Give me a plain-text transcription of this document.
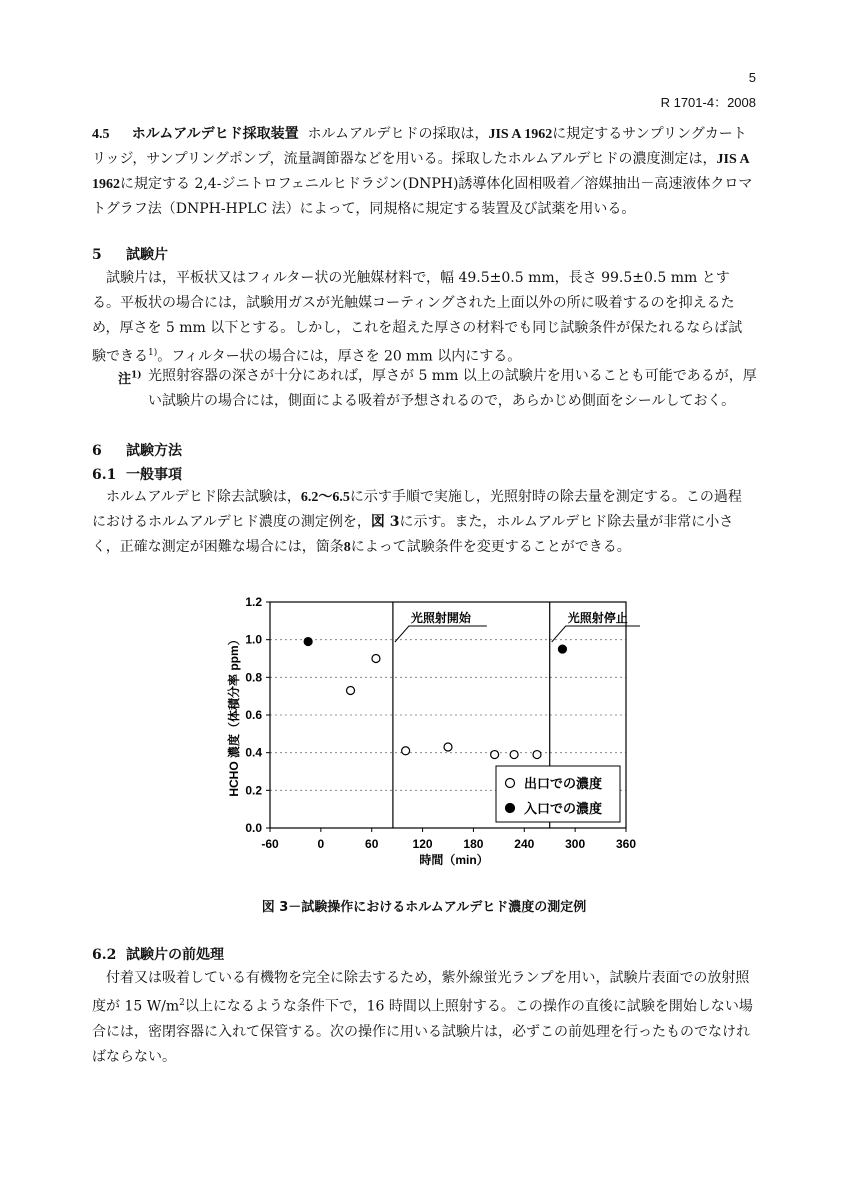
5
R 1701-4：2008

4.5 ホルムアルデヒド採取装置 ホルムアルデヒドの採取は，JIS A 1962に規定するサンプリングカートリッジ，サンプリングポンプ，流量調節器などを用いる。採取したホルムアルデヒドの濃度測定は，JIS A 1962に規定する 2,4-ジニトロフェニルヒドラジン(DNPH)誘導体化固相吸着／溶媒抽出－高速液体クロマトグラフ法（DNPH-HPLC 法）によって，同規格に規定する装置及び試薬を用いる。

5 試験片

試験片は，平板状又はフィルター状の光触媒材料で，幅 49.5±0.5 mm，長さ 99.5±0.5 mm とする。平板状の場合には，試験用ガスが光触媒コーティングされた上面以外の所に吸着するのを抑えるため，厚さを 5 mm 以下とする。しかし，これを超えた厚さの材料でも同じ試験条件が保たれるならば試験できる$^{1)}$。フィルター状の場合には，厚さを 20 mm 以内にする。

注$^{1)}$ 光照射容器の深さが十分にあれば，厚さが 5 mm 以上の試験片を用いることも可能であるが，厚い試験片の場合には，側面による吸着が予想されるので，あらかじめ側面をシールしておく。

6 試験方法

6.1 一般事項

ホルムアルデヒド除去試験は，6.2～6.5に示す手順で実施し，光照射時の除去量を測定する。この過程におけるホルムアルデヒド濃度の測定例を，図 3に示す。また，ホルムアルデヒド除去量が非常に小さく，正確な測定が困難な場合には，箇条8によって試験条件を変更することができる。

0.0
0.2
0.4
0.6
0.8
1.0
1.2
-60	0	60	120	180	240	300	360
時間（min）
HCHO 濃度（体積分率 ppm）
光照射開始	光照射停止
出口での濃度
入口での濃度
図 3－試験操作におけるホルムアルデヒド濃度の測定例

6.2 試験片の前処理

付着又は吸着している有機物を完全に除去するため，紫外線蛍光ランプを用い，試験片表面での放射照度が 15 $W/m^2$以上になるような条件下で，16 時間以上照射する。この操作の直後に試験を開始しない場合には，密閉容器に入れて保管する。次の操作に用いる試験片は，必ずこの前処理を行ったものでなければならない。
